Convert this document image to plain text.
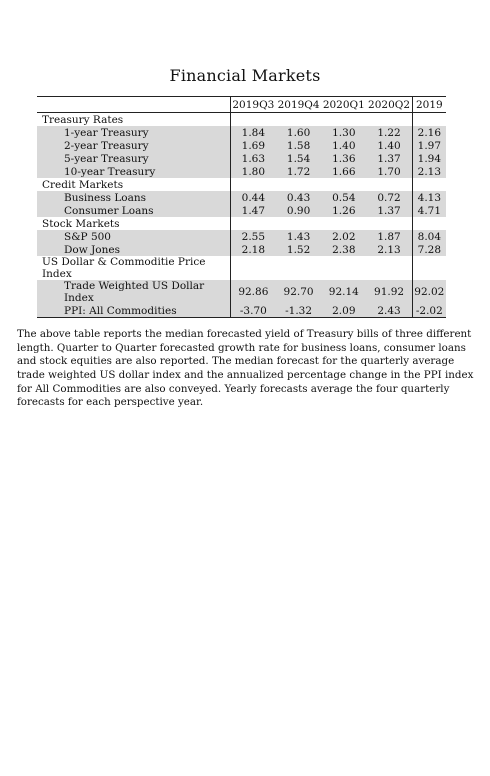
Financial Markets
	2019Q3	2019Q4	2020Q1	2020Q2	2019
Treasury Rates					
1-year Treasury	1.84	1.60	1.30	1.22	2.16
2-year Treasury	1.69	1.58	1.40	1.40	1.97
5-year Treasury	1.63	1.54	1.36	1.37	1.94
10-year Treasury	1.80	1.72	1.66	1.70	2.13
Credit Markets					
Business Loans	0.44	0.43	0.54	0.72	4.13
Consumer Loans	1.47	0.90	1.26	1.37	4.71
Stock Markets					
S&P 500	2.55	1.43	2.02	1.87	8.04
Dow Jones	2.18	1.52	2.38	2.13	7.28
US Dollar & Commoditie Price Index					
Trade Weighted US Dollar Index	92.86	92.70	92.14	91.92	92.02
PPI: All Commodities	-3.70	-1.32	2.09	2.43	-2.02

The above table reports the median forecasted yield of Treasury bills of three different length. Quarter to Quarter forecasted growth rate for business loans, consumer loans and stock equities are also reported. The median forecast for the quarterly average trade weighted US dollar index and the annualized percentage change in the PPI index for All Commodities are also conveyed. Yearly forecasts average the four quarterly forecasts for each perspective year.
